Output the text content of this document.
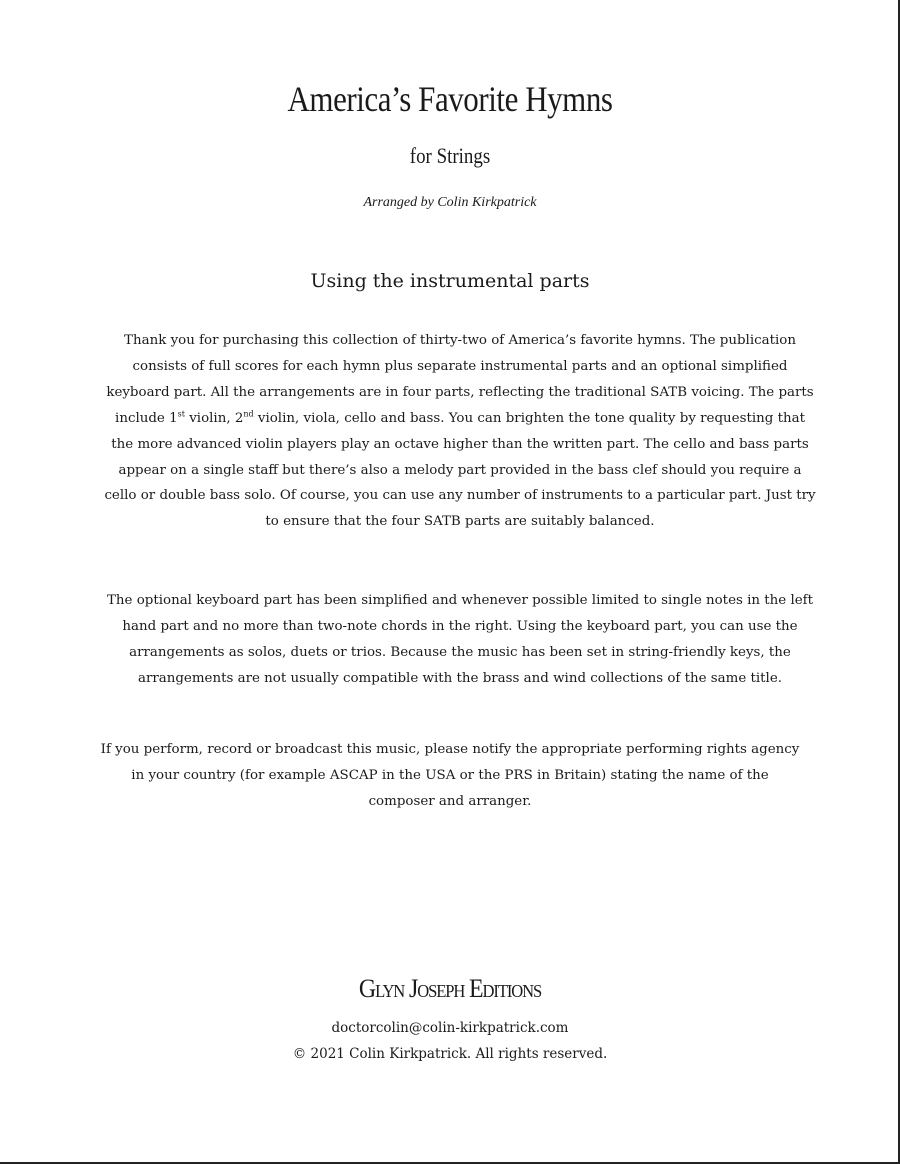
America’s Favorite Hymns
for Strings
Arranged by Colin Kirkpatrick
Using the instrumental parts

Thank you for purchasing this collection of thirty-two of America’s favorite hymns. The publication consists of full scores for each hymn plus separate instrumental parts and an optional simplified keyboard part. All the arrangements are in four parts, reflecting the traditional SATB voicing. The parts include 1st violin, 2nd violin, viola, cello and bass. You can brighten the tone quality by requesting that the more advanced violin players play an octave higher than the written part. The cello and bass parts appear on a single staff but there’s also a melody part provided in the bass clef should you require a cello or double bass solo. Of course, you can use any number of instruments to a particular part. Just try to ensure that the four SATB parts are suitably balanced.

The optional keyboard part has been simplified and whenever possible limited to single notes in the left hand part and no more than two-note chords in the right. Using the keyboard part, you can use the arrangements as solos, duets or trios. Because the music has been set in string-friendly keys, the arrangements are not usually compatible with the brass and wind collections of the same title.

If you perform, record or broadcast this music, please notify the appropriate performing rights agency in your country (for example ASCAP in the USA or the PRS in Britain) stating the name of the composer and arranger.

Glyn Joseph Editions
doctorcolin@colin-kirkpatrick.com
© 2021 Colin Kirkpatrick. All rights reserved.
